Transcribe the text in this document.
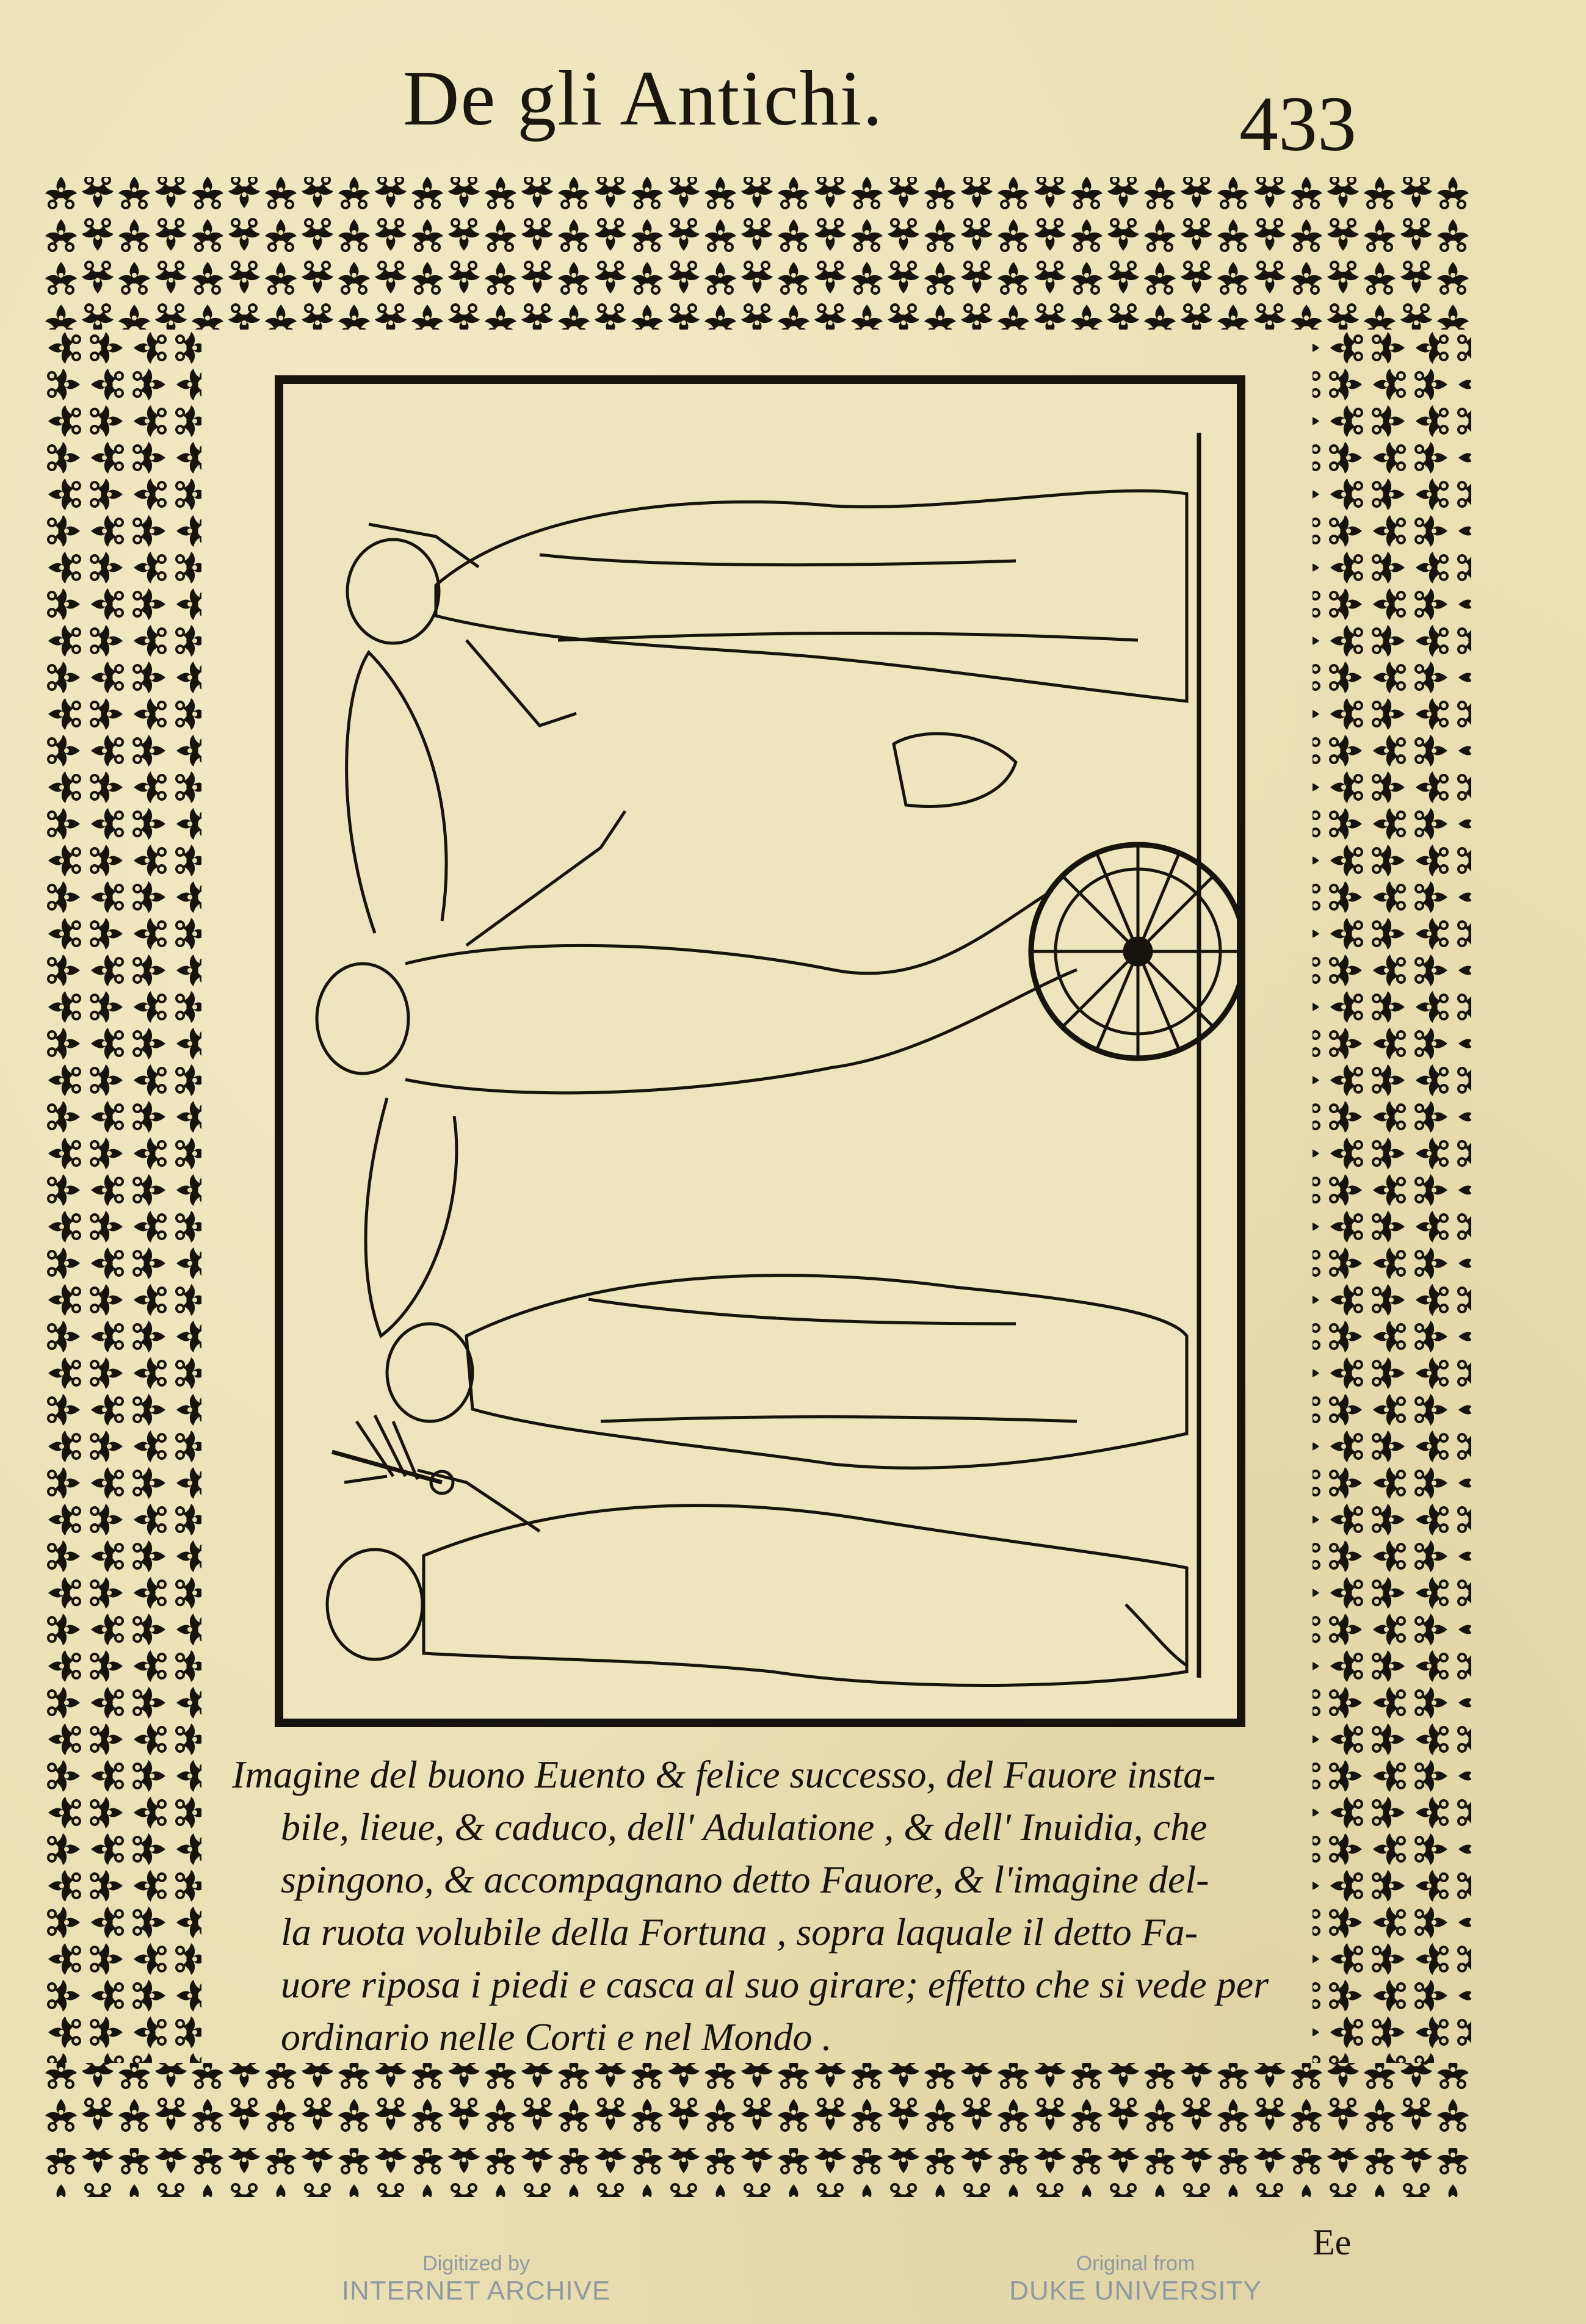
De gli Antichi.	433
Imagine del buono Euento & felice successo, del Fauore insta-
bile, lieue, & caduco, dell' Adulatione , & dell' Inuidia, che
spingono, & accompagnano detto Fauore, & l'imagine del-
la ruota volubile della Fortuna , sopra laquale il detto Fa-
uore riposa i piedi e casca al suo girare; effetto che si vede per
ordinario nelle Corti e nel Mondo .
Ee
Digitized by
INTERNET ARCHIVE
Original from
DUKE UNIVERSITY
